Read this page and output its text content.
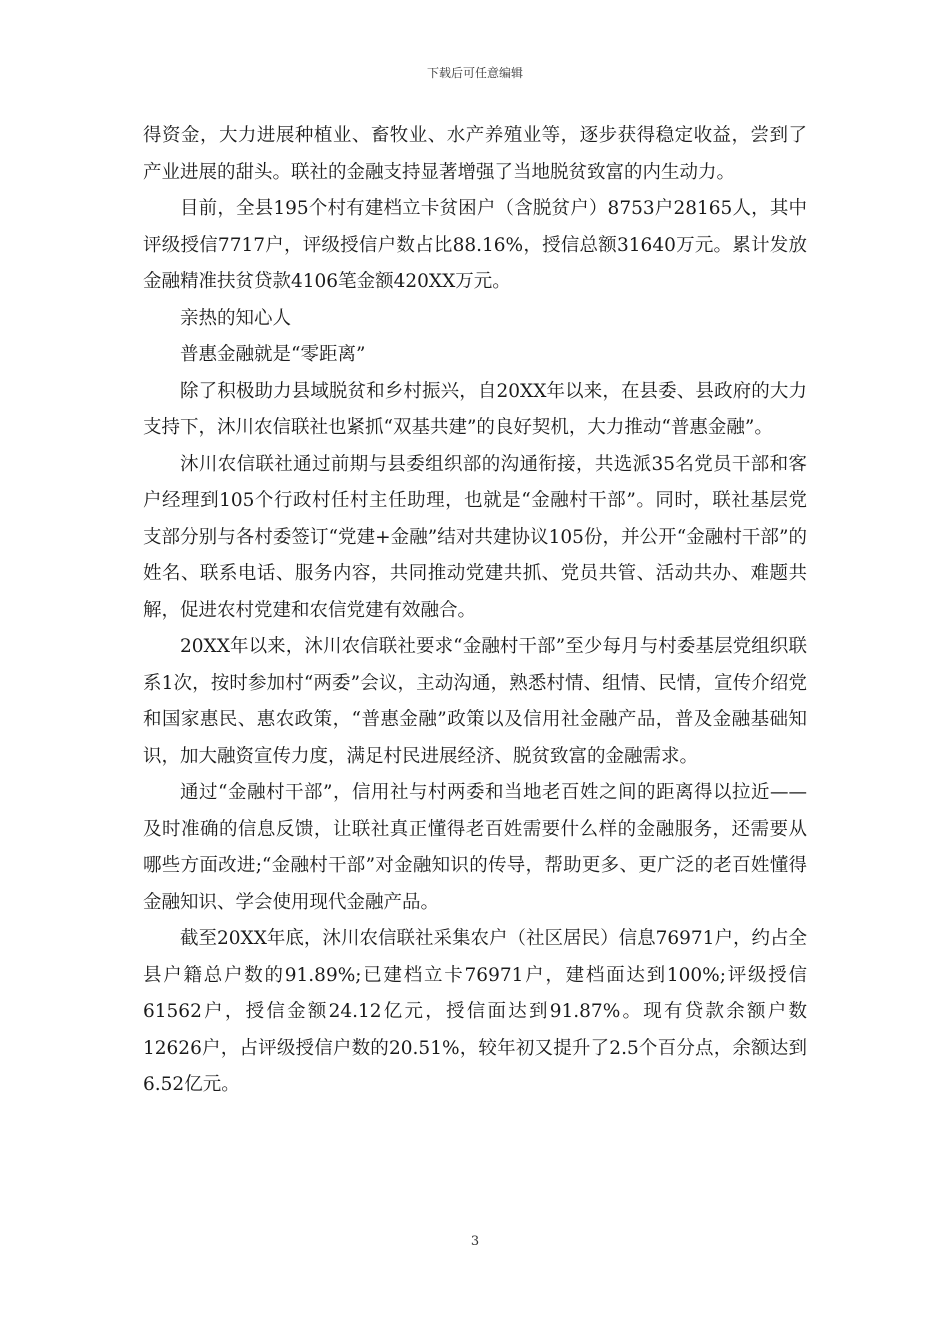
下载后可任意编辑

得资金，大力进展种植业、畜牧业、水产养殖业等，逐步获得稳定收益，尝到了产业进展的甜头。联社的金融支持显著增强了当地脱贫致富的内生动力。

目前，全县195个村有建档立卡贫困户（含脱贫户）8753户28165人，其中评级授信7717户，评级授信户数占比88.16%，授信总额31640万元。累计发放金融精准扶贫贷款4106笔金额420XX万元。

亲热的知心人

普惠金融就是“零距离”

除了积极助力县域脱贫和乡村振兴，自20XX年以来，在县委、县政府的大力支持下，沐川农信联社也紧抓“双基共建”的良好契机，大力推动“普惠金融”。

沐川农信联社通过前期与县委组织部的沟通衔接，共选派35名党员干部和客户经理到105个行政村任村主任助理，也就是“金融村干部”。同时，联社基层党支部分别与各村委签订“党建+金融”结对共建协议105份，并公开“金融村干部”的姓名、联系电话、服务内容，共同推动党建共抓、党员共管、活动共办、难题共解，促进农村党建和农信党建有效融合。

20XX年以来，沐川农信联社要求“金融村干部”至少每月与村委基层党组织联系1次，按时参加村“两委”会议，主动沟通，熟悉村情、组情、民情，宣传介绍党和国家惠民、惠农政策，“普惠金融”政策以及信用社金融产品，普及金融基础知识，加大融资宣传力度，满足村民进展经济、脱贫致富的金融需求。

通过“金融村干部”，信用社与村两委和当地老百姓之间的距离得以拉近——及时准确的信息反馈，让联社真正懂得老百姓需要什么样的金融服务，还需要从哪些方面改进;“金融村干部”对金融知识的传导，帮助更多、更广泛的老百姓懂得金融知识、学会使用现代金融产品。

截至20XX年底，沐川农信联社采集农户（社区居民）信息76971户，约占全县户籍总户数的91.89%;已建档立卡76971户，建档面达到100%;评级授信61562户，授信金额24.12亿元，授信面达到91.87%。现有贷款余额户数12626户，占评级授信户数的20.51%，较年初又提升了2.5个百分点，余额达到6.52亿元。

3
